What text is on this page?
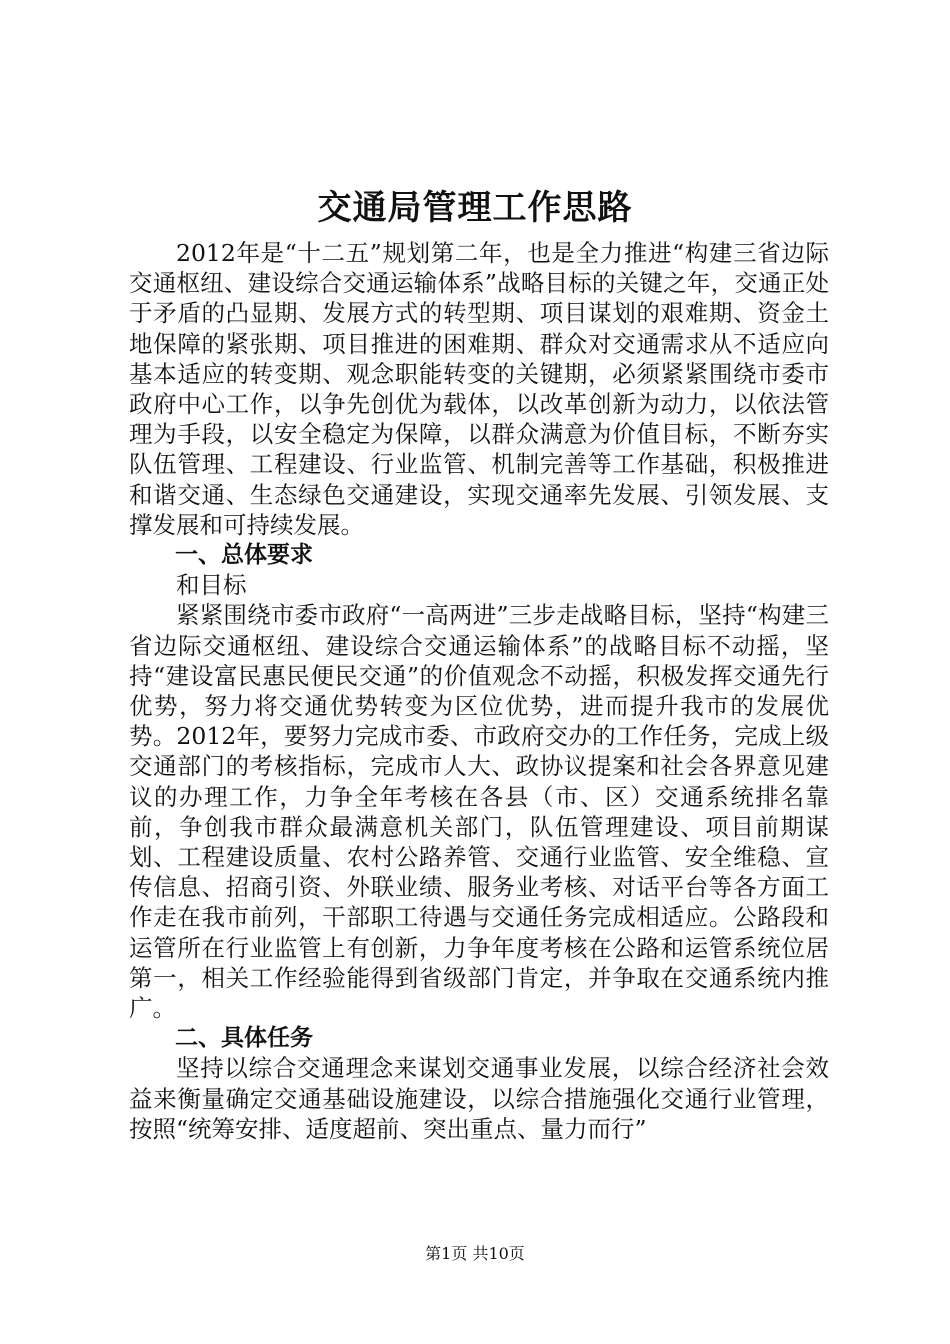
交通局管理工作思路

2012年是“十二五”规划第二年，也是全力推进“构建三省边际交通枢纽、建设综合交通运输体系”战略目标的关键之年，交通正处于矛盾的凸显期、发展方式的转型期、项目谋划的艰难期、资金土地保障的紧张期、项目推进的困难期、群众对交通需求从不适应向基本适应的转变期、观念职能转变的关键期，必须紧紧围绕市委市政府中心工作，以争先创优为载体，以改革创新为动力，以依法管理为手段，以安全稳定为保障，以群众满意为价值目标，不断夯实队伍管理、工程建设、行业监管、机制完善等工作基础，积极推进和谐交通、生态绿色交通建设，实现交通率先发展、引领发展、支撑发展和可持续发展。

一、总体要求

和目标

紧紧围绕市委市政府“一高两进”三步走战略目标，坚持“构建三省边际交通枢纽、建设综合交通运输体系”的战略目标不动摇，坚持“建设富民惠民便民交通”的价值观念不动摇，积极发挥交通先行优势，努力将交通优势转变为区位优势，进而提升我市的发展优势。2012年，要努力完成市委、市政府交办的工作任务，完成上级交通部门的考核指标，完成市人大、政协议提案和社会各界意见建议的办理工作，力争全年考核在各县（市、区）交通系统排名靠前，争创我市群众最满意机关部门，队伍管理建设、项目前期谋划、工程建设质量、农村公路养管、交通行业监管、安全维稳、宣传信息、招商引资、外联业绩、服务业考核、对话平台等各方面工作走在我市前列，干部职工待遇与交通任务完成相适应。公路段和运管所在行业监管上有创新，力争年度考核在公路和运管系统位居第一，相关工作经验能得到省级部门肯定，并争取在交通系统内推广。

二、具体任务

坚持以综合交通理念来谋划交通事业发展，以综合经济社会效益来衡量确定交通基础设施建设，以综合措施强化交通行业管理，按照“统筹安排、适度超前、突出重点、量力而行”

第1页 共10页
